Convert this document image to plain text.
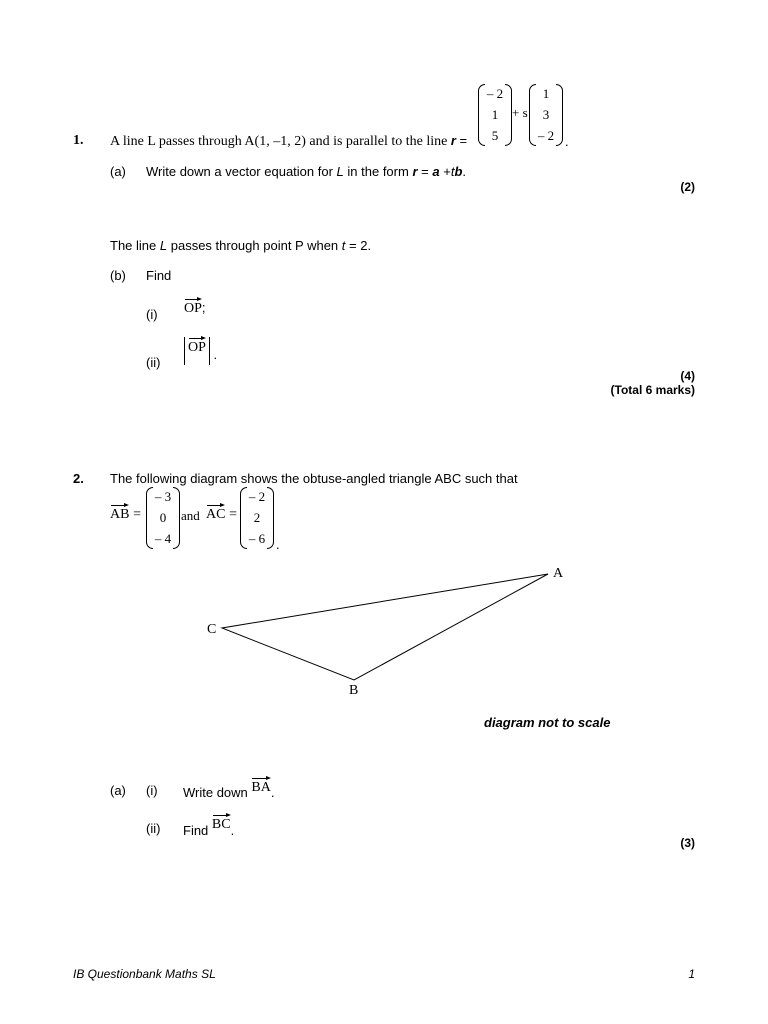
1. A line L passes through A(1, –1, 2) and is parallel to the line r =
– 2
1
5
+ s
1
3
– 2 .
(a) Write down a vector equation for L in the form r = a +tb.
(2)
The line L passes through point P when t = 2.
(b) Find
(i) OP;
(ii)
OP .
(4)
(Total 6 marks)
2. The following diagram shows the obtuse-angled triangle ABC such that
AB =
– 3
0
– 4
and AC =
– 2
2
– 6 .
A
B
C
diagram not to scale
(a) (i) Write down BA.
(ii) Find BC.
(3)
IB Questionbank Maths SL	1
